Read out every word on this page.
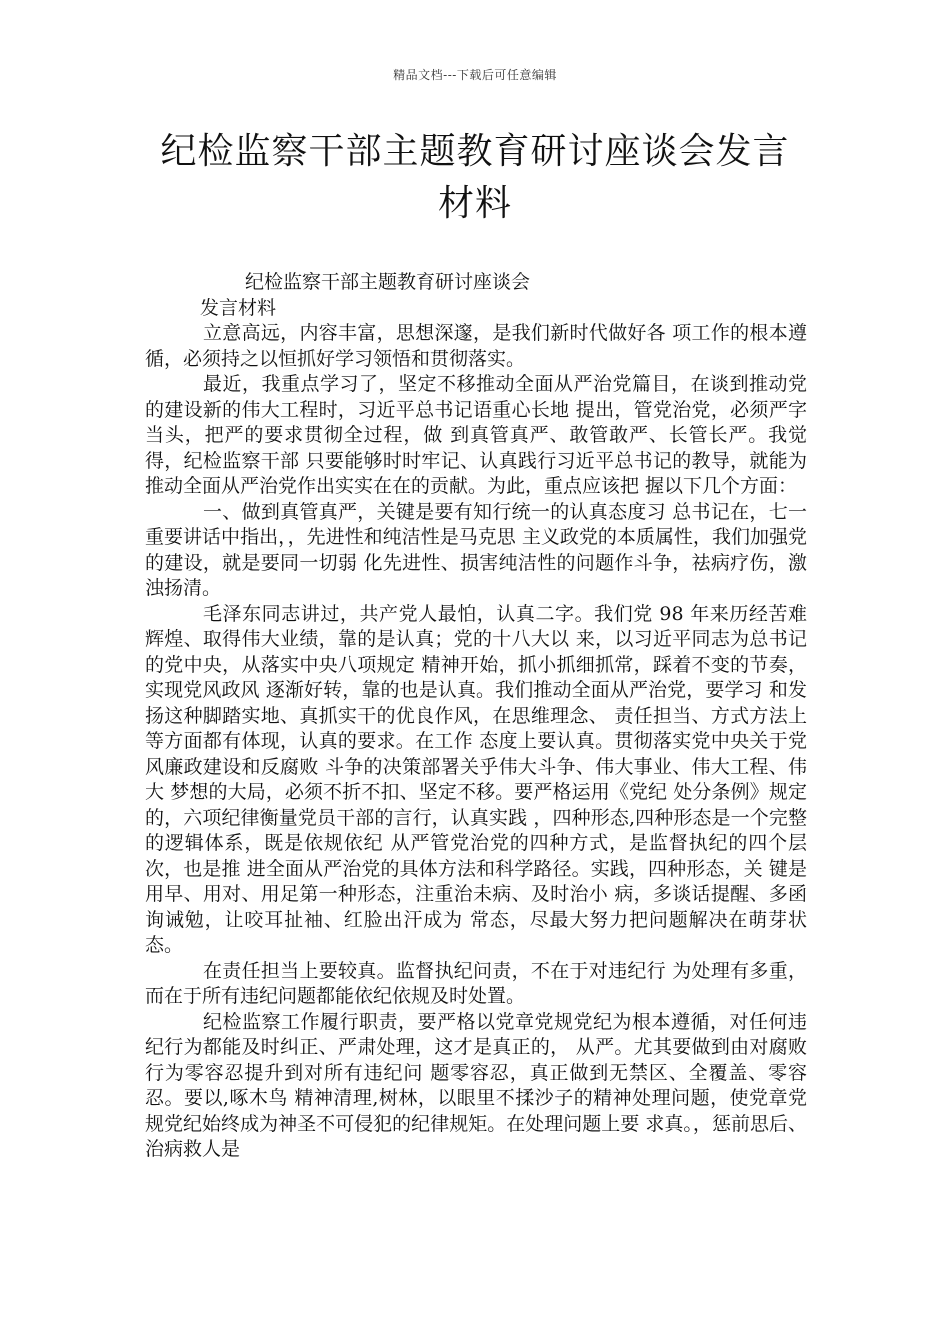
精品文档---下载后可任意编辑
纪检监察干部主题教育研讨座谈会发言材料
纪检监察干部主题教育研讨座谈会
发言材料

立意高远，内容丰富，思想深邃，是我们新时代做好各 项工作的根本遵循，必须持之以恒抓好学习领悟和贯彻落实。

最近，我重点学习了，坚定不移推动全面从严治党篇目，在谈到推动党的建设新的伟大工程时，习近平总书记语重心长地 提出，管党治党，必须严字当头，把严的要求贯彻全过程，做 到真管真严、敢管敢严、长管长严。我觉得，纪检监察干部 只要能够时时牢记、认真践行习近平总书记的教导，就能为 推动全面从严治党作出实实在在的贡献。为此，重点应该把 握以下几个方面：

一、做到真管真严，关键是要有知行统一的认真态度习 总书记在，七一重要讲话中指出，，先进性和纯洁性是马克思 主义政党的本质属性，我们加强党的建设，就是要同一切弱 化先进性、损害纯洁性的问题作斗争，祛病疗伤，激浊扬清。

毛泽东同志讲过，共产党人最怕，认真二字。我们党 98 年来历经苦难辉煌、取得伟大业绩，靠的是认真；党的十八大以 来，以习近平同志为总书记的党中央，从落实中央八项规定 精神开始，抓小抓细抓常，踩着不变的节奏，实现党风政风 逐渐好转，靠的也是认真。我们推动全面从严治党，要学习 和发扬这种脚踏实地、真抓实干的优良作风，在思维理念、 责任担当、方式方法上等方面都有体现，认真的要求。在工作 态度上要认真。贯彻落实党中央关于党风廉政建设和反腐败 斗争的决策部署关乎伟大斗争、伟大事业、伟大工程、伟大 梦想的大局，必须不折不扣、坚定不移。要严格运用《党纪 处分条例》规定的，六项纪律衡量党员干部的言行，认真实践 ，四种形态,四种形态是一个完整的逻辑体系，既是依规依纪 从严管党治党的四种方式，是监督执纪的四个层次，也是推 进全面从严治党的具体方法和科学路径。实践，四种形态，关 键是用早、用对、用足第一种形态，注重治未病、及时治小 病，多谈话提醒、多函询诫勉，让咬耳扯袖、红脸出汗成为 常态，尽最大努力把问题解决在萌芽状态。

在责任担当上要较真。监督执纪问责，不在于对违纪行 为处理有多重，而在于所有违纪问题都能依纪依规及时处置。

纪检监察工作履行职责，要严格以党章党规党纪为根本遵循，对任何违纪行为都能及时纠正、严肃处理，这才是真正的， 从严。尤其要做到由对腐败行为零容忍提升到对所有违纪问 题零容忍，真正做到无禁区、全覆盖、零容忍。要以,啄木鸟 精神清理,树林，以眼里不揉沙子的精神处理问题，使党章党 规党纪始终成为神圣不可侵犯的纪律规矩。在处理问题上要 求真。，惩前思后、治病救人是
